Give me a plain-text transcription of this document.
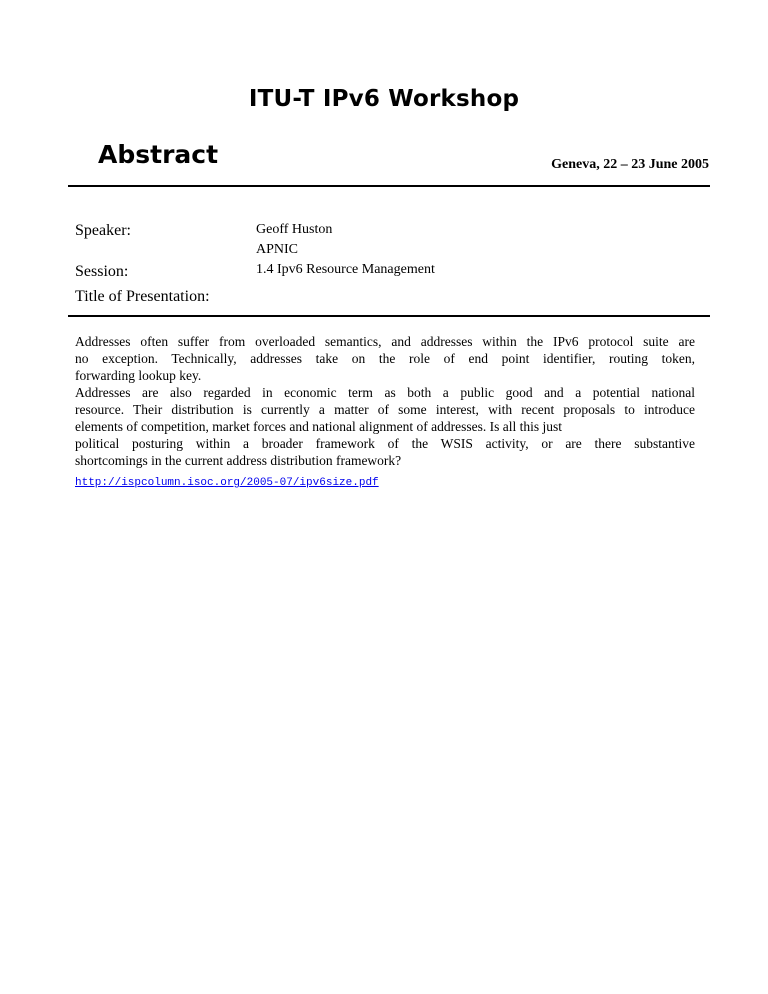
ITU-T IPv6 Workshop
Abstract	Geneva, 22 – 23 June 2005
Speaker:	Geoff Huston
APNIC
Session:	1.4 Ipv6 Resource Management
Title of Presentation:

Addresses often suffer from overloaded semantics, and addresses within the IPv6 protocol suite are

no exception. Technically, addresses take on the role of end point identifier, routing token,

forwarding lookup key.

Addresses are also regarded in economic term as both a public good and a potential national

resource. Their distribution is currently a matter of some interest, with recent proposals to introduce

elements of competition, market forces and national alignment of addresses. Is all this just

political posturing within a broader framework of the WSIS activity, or are there substantive

shortcomings in the current address distribution framework?

http://ispcolumn.isoc.org/2005-07/ipv6size.pdf
